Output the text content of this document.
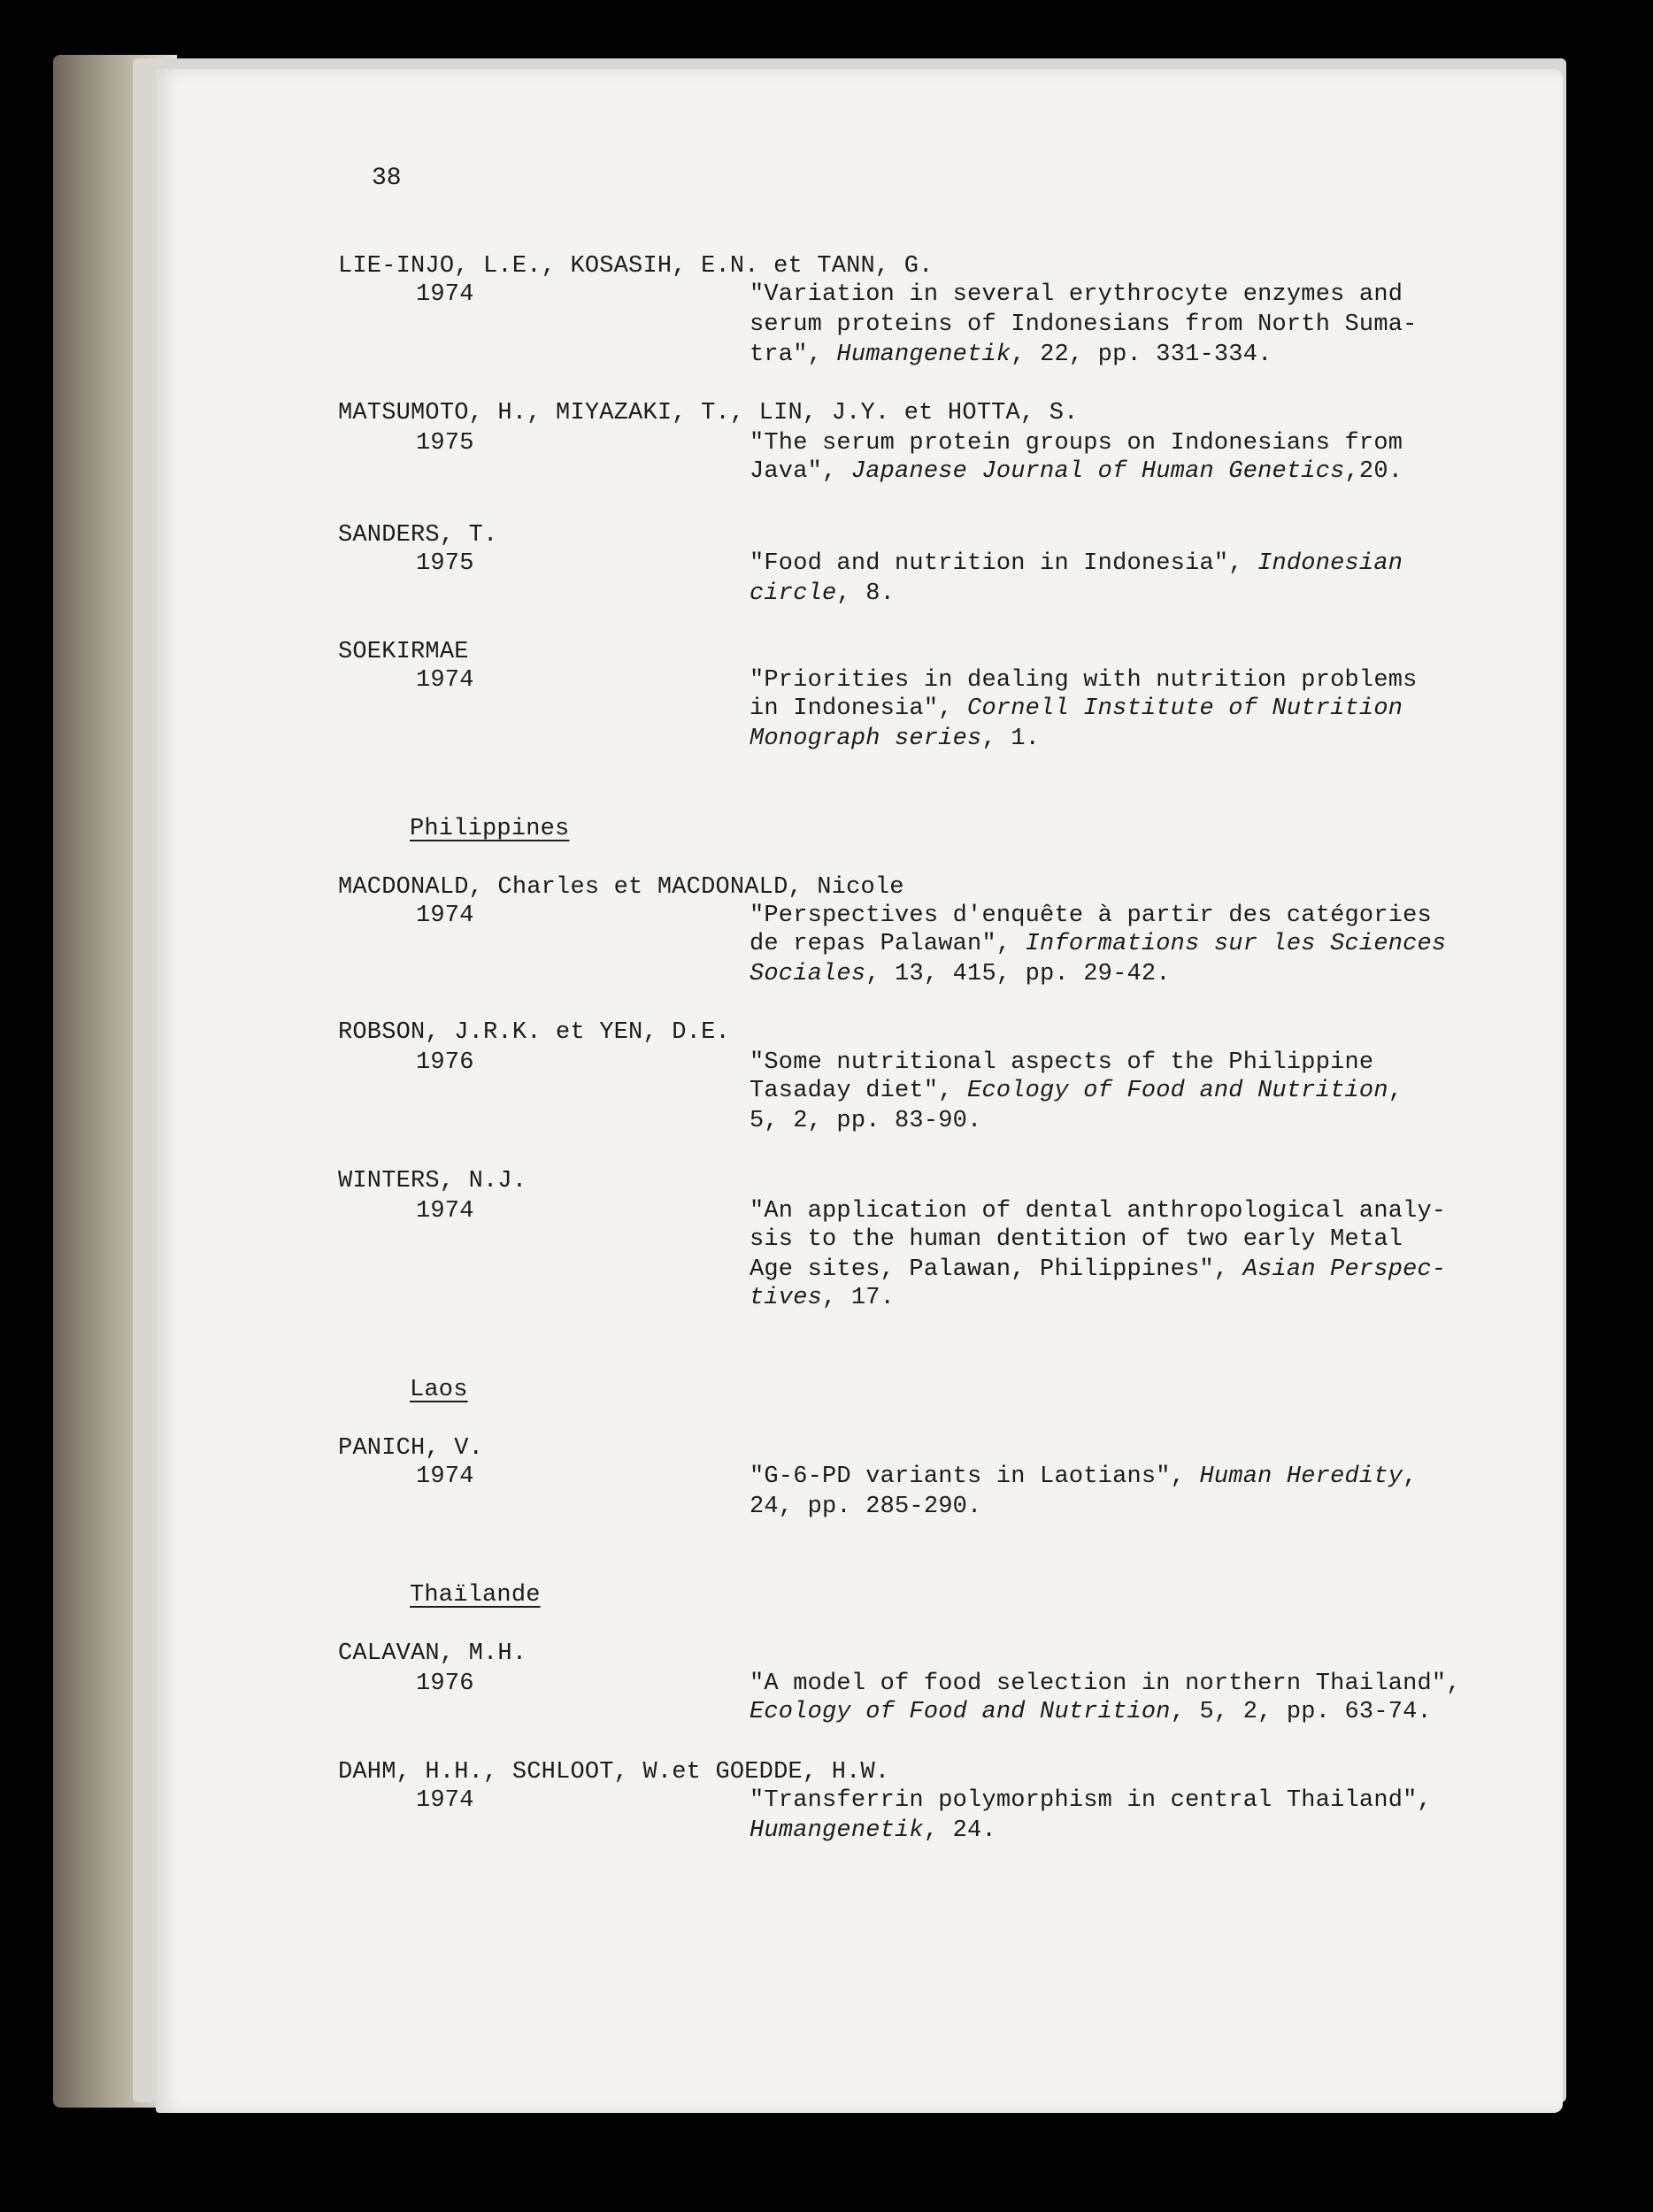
38
LIE-INJO, L.E., KOSASIH, E.N. et TANN, G.
1974	"Variation in several erythrocyte enzymes and
serum proteins of Indonesians from North Suma-
tra", Humangenetik, 22, pp. 331-334.
MATSUMOTO, H., MIYAZAKI, T., LIN, J.Y. et HOTTA, S.
1975	"The serum protein groups on Indonesians from
Java", Japanese Journal of Human Genetics,20.
SANDERS, T.
1975	"Food and nutrition in Indonesia", Indonesian
circle, 8.
SOEKIRMAE
1974	"Priorities in dealing with nutrition problems
in Indonesia", Cornell Institute of Nutrition
Monograph series, 1.
Philippines
MACDONALD, Charles et MACDONALD, Nicole
1974	"Perspectives d'enquête à partir des catégories
de repas Palawan", Informations sur les Sciences
Sociales, 13, 415, pp. 29-42.
ROBSON, J.R.K. et YEN, D.E.
1976	"Some nutritional aspects of the Philippine
Tasaday diet", Ecology of Food and Nutrition,
5, 2, pp. 83-90.
WINTERS, N.J.
1974	"An application of dental anthropological analy-
sis to the human dentition of two early Metal
Age sites, Palawan, Philippines", Asian Perspec-
tives, 17.
Laos
PANICH, V.
1974	"G-6-PD variants in Laotians", Human Heredity,
24, pp. 285-290.
Thaïlande
CALAVAN, M.H.
1976	"A model of food selection in northern Thailand",
Ecology of Food and Nutrition, 5, 2, pp. 63-74.
DAHM, H.H., SCHLOOT, W.et GOEDDE, H.W.
1974	"Transferrin polymorphism in central Thailand",
Humangenetik, 24.
